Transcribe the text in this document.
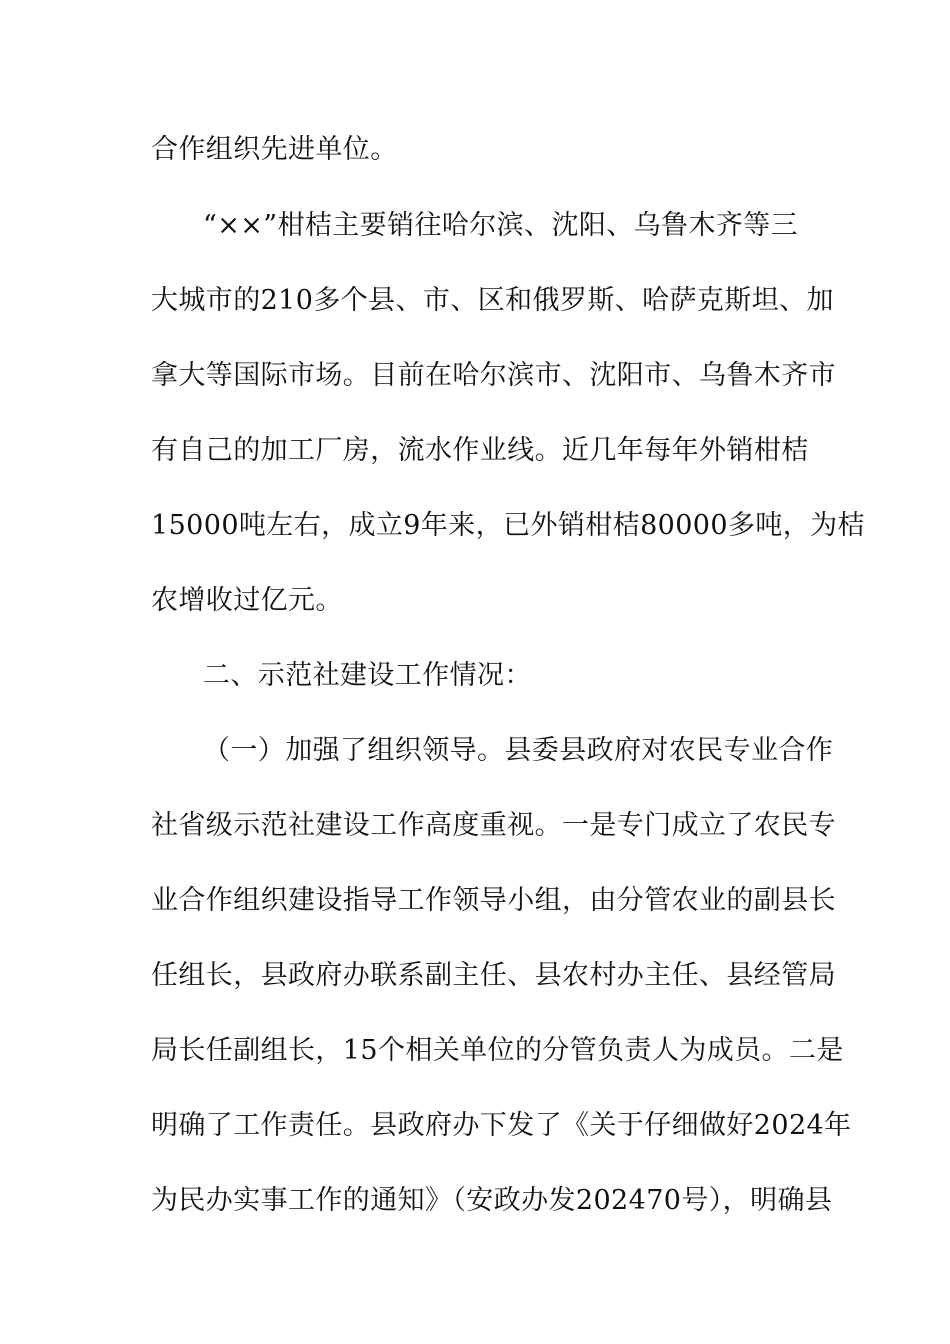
合作组织先进单位。
“××”柑桔主要销往哈尔滨、沈阳、乌鲁木齐等三
大城市的210多个县、市、区和俄罗斯、哈萨克斯坦、加
拿大等国际市场。目前在哈尔滨市、沈阳市、乌鲁木齐市
有自己的加工厂房，流水作业线。近几年每年外销柑桔
15000吨左右，成立9年来，已外销柑桔80000多吨，为桔
农增收过亿元。
二、示范社建设工作情况：
（一）加强了组织领导。县委县政府对农民专业合作
社省级示范社建设工作高度重视。一是专门成立了农民专
业合作组织建设指导工作领导小组，由分管农业的副县长
任组长，县政府办联系副主任、县农村办主任、县经管局
局长任副组长，15个相关单位的分管负责人为成员。二是
明确了工作责任。县政府办下发了《关于仔细做好2024年
为民办实事工作的通知》（安政办发202470号），明确县
